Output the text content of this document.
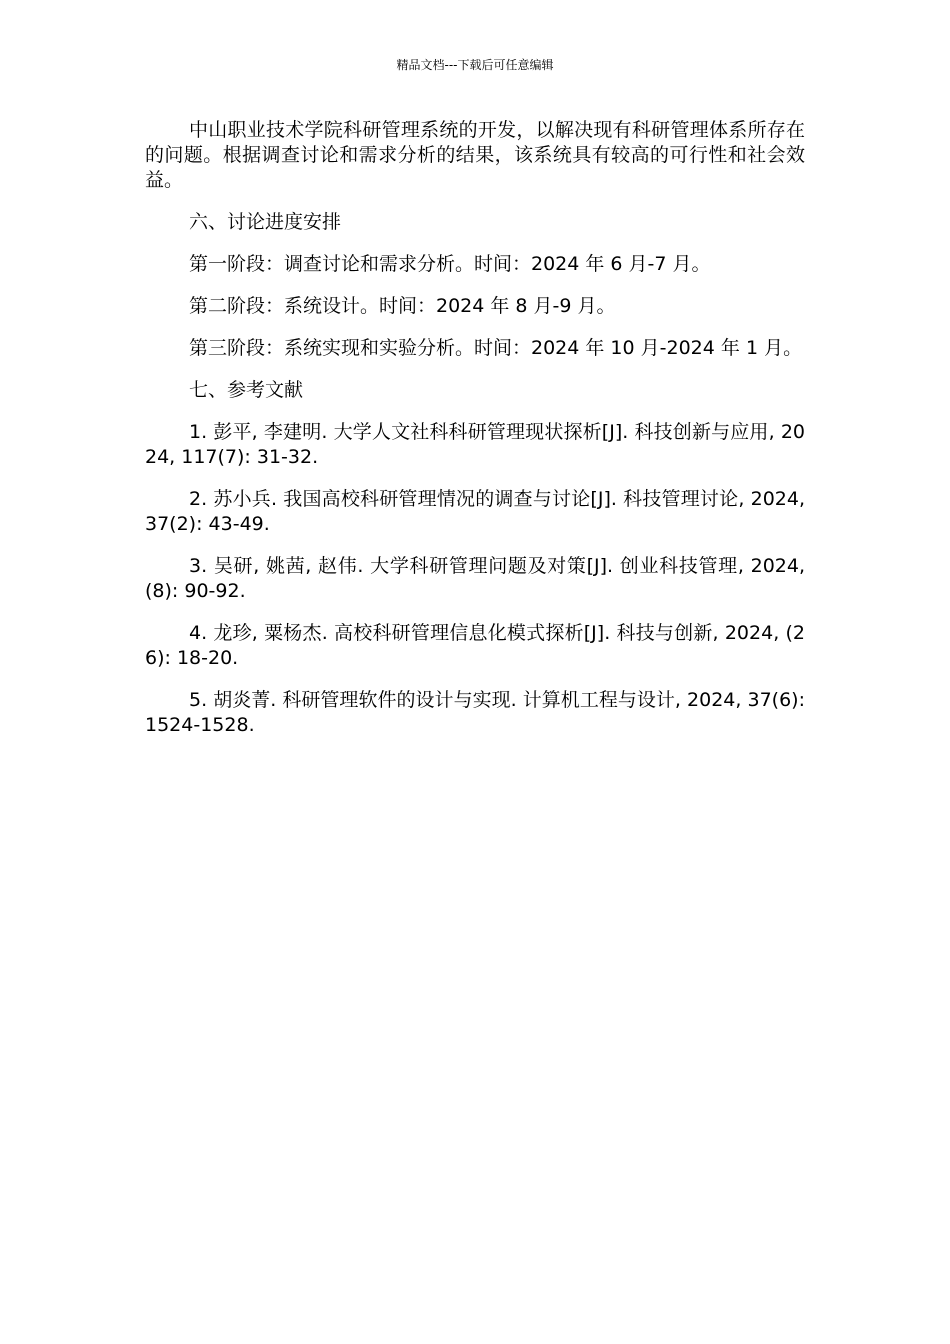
精品文档---下载后可任意编辑

中山职业技术学院科研管理系统的开发，以解决现有科研管理体系所存在的问题。根据调查讨论和需求分析的结果，该系统具有较高的可行性和社会效益。

六、讨论进度安排

第一阶段：调查讨论和需求分析。时间：2024 年 6 月-7 月。

第二阶段：系统设计。时间：2024 年 8 月-9 月。

第三阶段：系统实现和实验分析。时间：2024 年 10 月-2024 年 1 月。

七、参考文献

1. 彭平, 李建明. 大学人文社科科研管理现状探析[J]. 科技创新与应用, 2024, 117(7): 31-32.

2. 苏小兵. 我国高校科研管理情况的调查与讨论[J]. 科技管理讨论, 2024, 37(2): 43-49.

3. 吴研, 姚茜, 赵伟. 大学科研管理问题及对策[J]. 创业科技管理, 2024, (8): 90-92.

4. 龙珍, 粟杨杰. 高校科研管理信息化模式探析[J]. 科技与创新, 2024, (26): 18-20.

5. 胡炎菁. 科研管理软件的设计与实现. 计算机工程与设计, 2024, 37(6): 1524-1528.
